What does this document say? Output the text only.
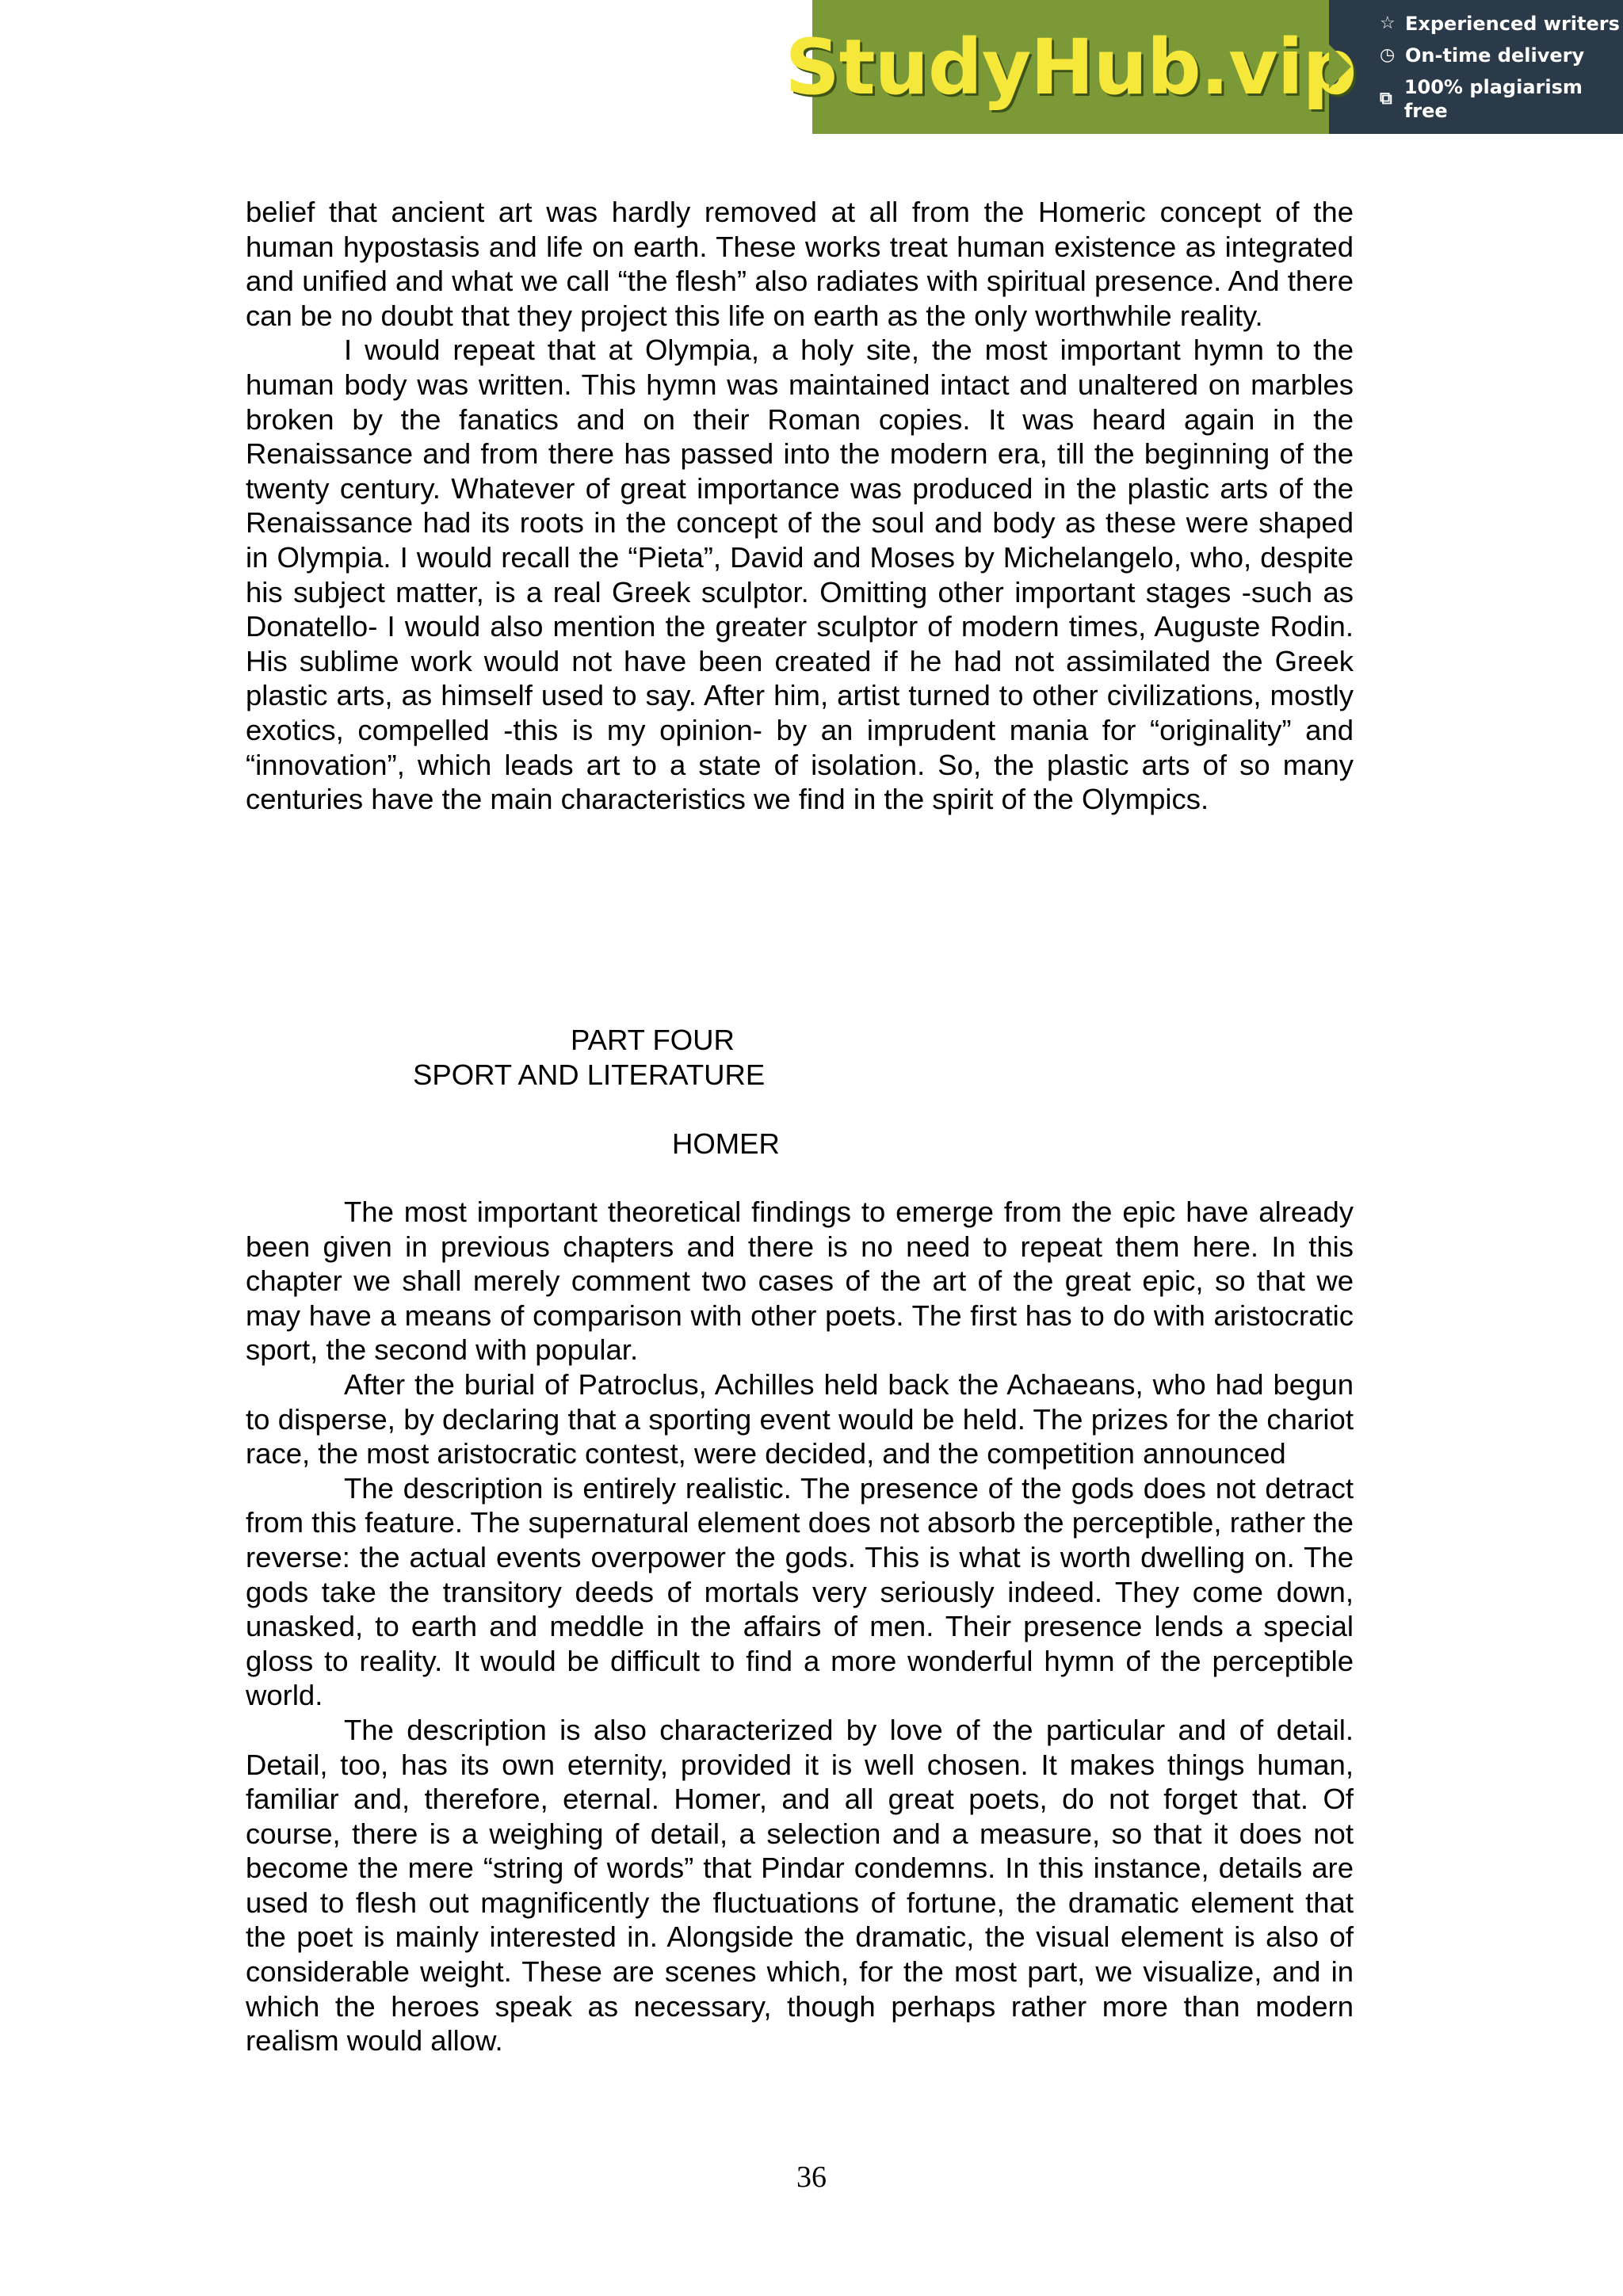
StudyHub.vip ☆ Experienced writers
◷ On-time delivery
⧉
100% plagiarism free

belief that ancient art was hardly removed at all from the Homeric concept of the human hypostasis and life on earth. These works treat human existence as integrated and unified and what we call “the flesh” also radiates with spiritual presence. And there can be no doubt that they project this life on earth as the only worthwhile reality.

I would repeat that at Olympia, a holy site, the most important hymn to the human body was written. This hymn was maintained intact and unaltered on marbles broken by the fanatics and on their Roman copies. It was heard again in the Renaissance and from there has passed into the modern era, till the beginning of the twenty century. Whatever of great importance was produced in the plastic arts of the Renaissance had its roots in the concept of the soul and body as these were shaped in Olympia. I would recall the “Pieta”, David and Moses by Michelangelo, who, despite his subject matter, is a real Greek sculptor. Omitting other important stages -such as Donatello- I would also mention the greater sculptor of modern times, Auguste Rodin. His sublime work would not have been created if he had not assimilated the Greek plastic arts, as himself used to say. After him, artist turned to other civilizations, mostly exotics, compelled -this is my opinion- by an imprudent mania for “originality” and “innovation”, which leads art to a state of isolation. So, the plastic arts of so many centuries have the main characteristics we find in the spirit of the Olympics.

PART FOUR
SPORT AND LITERATURE
HOMER

The most important theoretical findings to emerge from the epic have already been given in previous chapters and there is no need to repeat them here. In this chapter we shall merely comment two cases of the art of the great epic, so that we may have a means of comparison with other poets. The first has to do with aristocratic sport, the second with popular.

After the burial of Patroclus, Achilles held back the Achaeans, who had begun to disperse, by declaring that a sporting event would be held. The prizes for the chariot race, the most aristocratic contest, were decided, and the competition announced

The description is entirely realistic. The presence of the gods does not detract from this feature. The supernatural element does not absorb the perceptible, rather the reverse: the actual events overpower the gods. This is what is worth dwelling on. The gods take the transitory deeds of mortals very seriously indeed. They come down, unasked, to earth and meddle in the affairs of men. Their presence lends a special gloss to reality. It would be difficult to find a more wonderful hymn of the perceptible world.

The description is also characterized by love of the particular and of detail. Detail, too, has its own eternity, provided it is well chosen. It makes things human, familiar and, therefore, eternal. Homer, and all great poets, do not forget that. Of course, there is a weighing of detail, a selection and a measure, so that it does not become the mere “string of words” that Pindar condemns. In this instance, details are used to flesh out magnificently the fluctuations of fortune, the dramatic element that the poet is mainly interested in. Alongside the dramatic, the visual element is also of considerable weight. These are scenes which, for the most part, we visualize, and in which the heroes speak as necessary, though perhaps rather more than modern realism would allow.

36
